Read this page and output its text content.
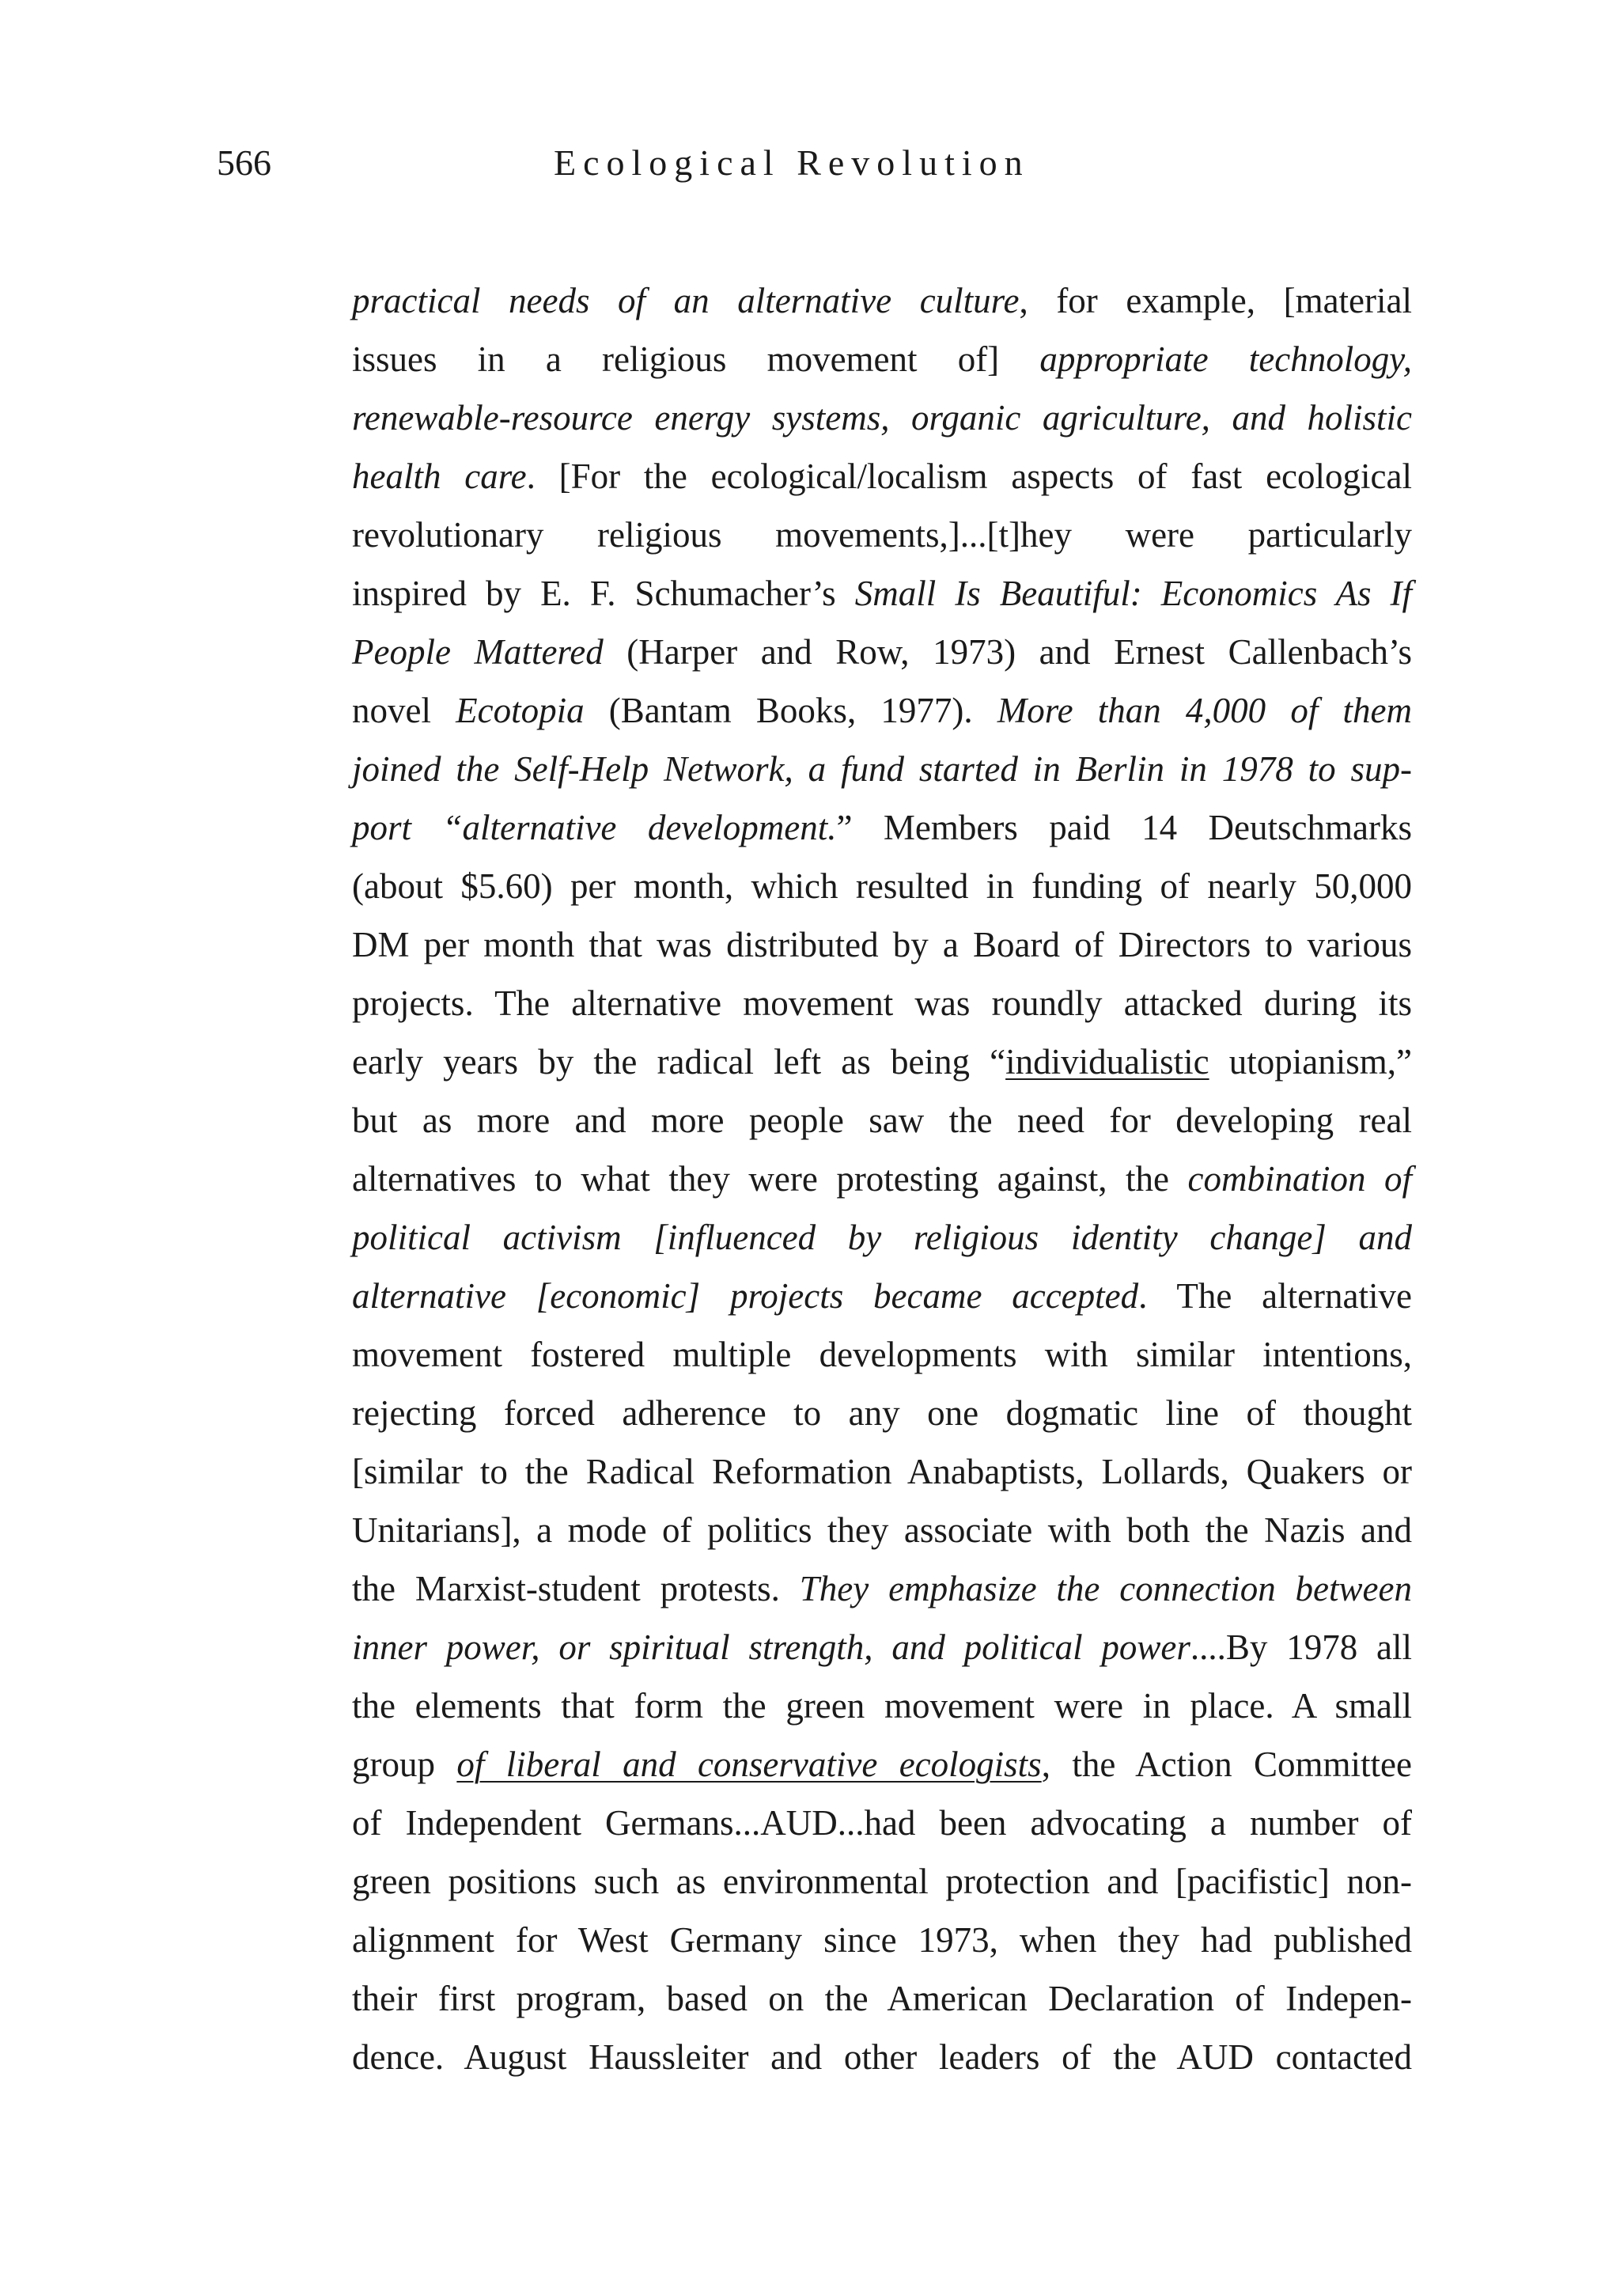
566	Ecological Revolution
practical needs of an alternative culture, for example, [material
issues in a religious movement of] appropriate technology,
renewable-resource energy systems, organic agriculture, and holistic
health care. [For the ecological/localism aspects of fast ecological
revolutionary religious movements,]...[t]hey were particularly
inspired by E. F. Schumacher’s Small Is Beautiful: Economics As If
People Mattered (Harper and Row, 1973) and Ernest Callenbach’s
novel Ecotopia (Bantam Books, 1977). More than 4,000 of them
joined the Self-Help Network, a fund started in Berlin in 1978 to sup-
port “alternative development.” Members paid 14 Deutschmarks
(about $5.60) per month, which resulted in funding of nearly 50,000
DM per month that was distributed by a Board of Directors to various
projects. The alternative movement was roundly attacked during its
early years by the radical left as being “individualistic utopianism,”
but as more and more people saw the need for developing real
alternatives to what they were protesting against, the combination of
political activism [influenced by religious identity change] and
alternative [economic] projects became accepted. The alternative
movement fostered multiple developments with similar intentions,
rejecting forced adherence to any one dogmatic line of thought
[similar to the Radical Reformation Anabaptists, Lollards, Quakers or
Unitarians], a mode of politics they associate with both the Nazis and
the Marxist-student protests. They emphasize the connection between
inner power, or spiritual strength, and political power....By 1978 all
the elements that form the green movement were in place. A small
group of liberal and conservative ecologists, the Action Committee
of Independent Germans...AUD...had been advocating a number of
green positions such as environmental protection and [pacifistic] non-
alignment for West Germany since 1973, when they had published
their first program, based on the American Declaration of Indepen-
dence. August Haussleiter and other leaders of the AUD contacted
